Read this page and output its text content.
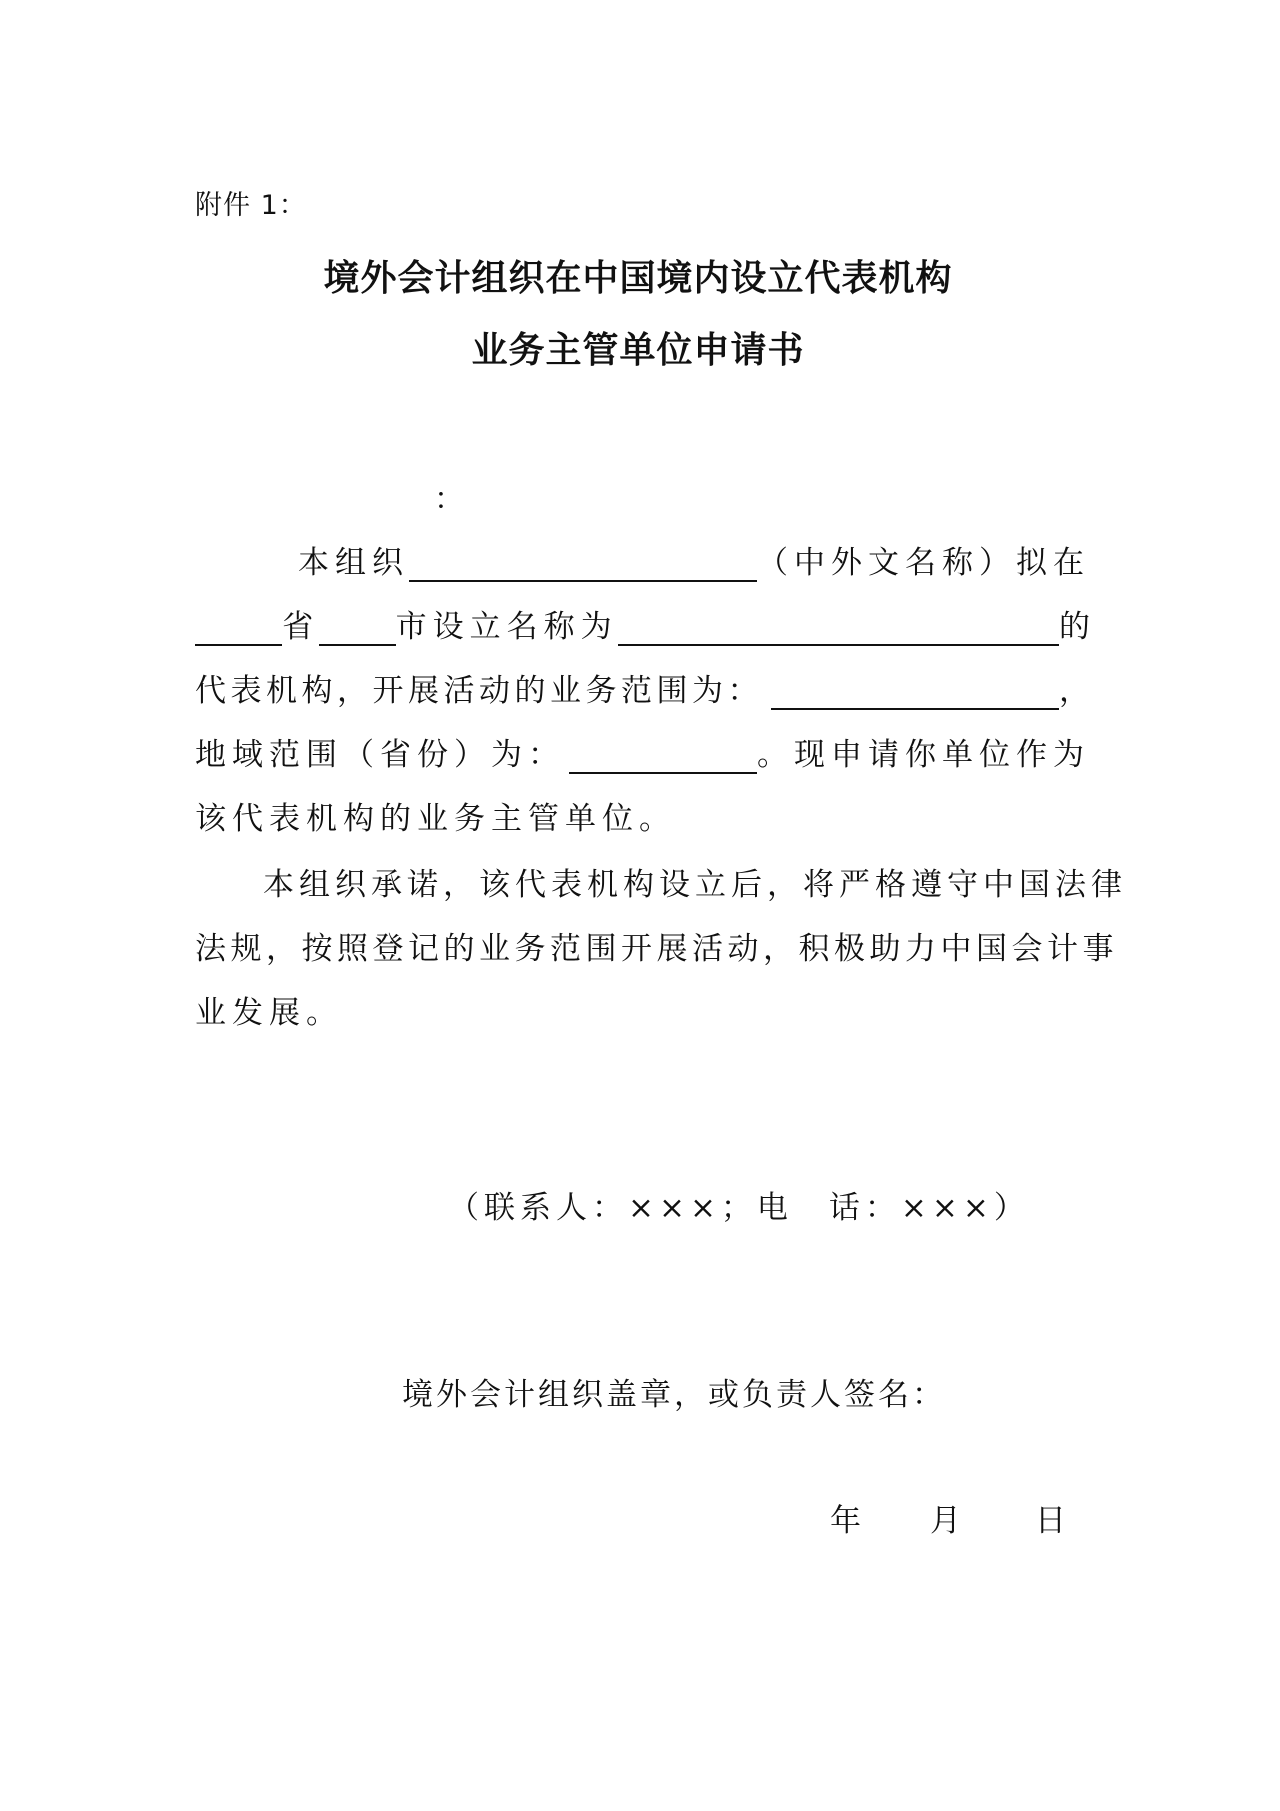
附件 1：
境外会计组织在中国境内设立代表机构
业务主管单位申请书
：
本组织	（中外文名称）拟在
省 市设立名称为	的
代表机构，开展活动的业务范围为：	，
地域范围（省份）为：	。现申请你单位作为
该代表机构的业务主管单位。
本组织承诺，该代表机构设立后，将严格遵守中国法律
法规，按照登记的业务范围开展活动，积极助力中国会计事
业发展。
（联系人：×××；电　话：×××）
境外会计组织盖章，或负责人签名：
年 月 日
